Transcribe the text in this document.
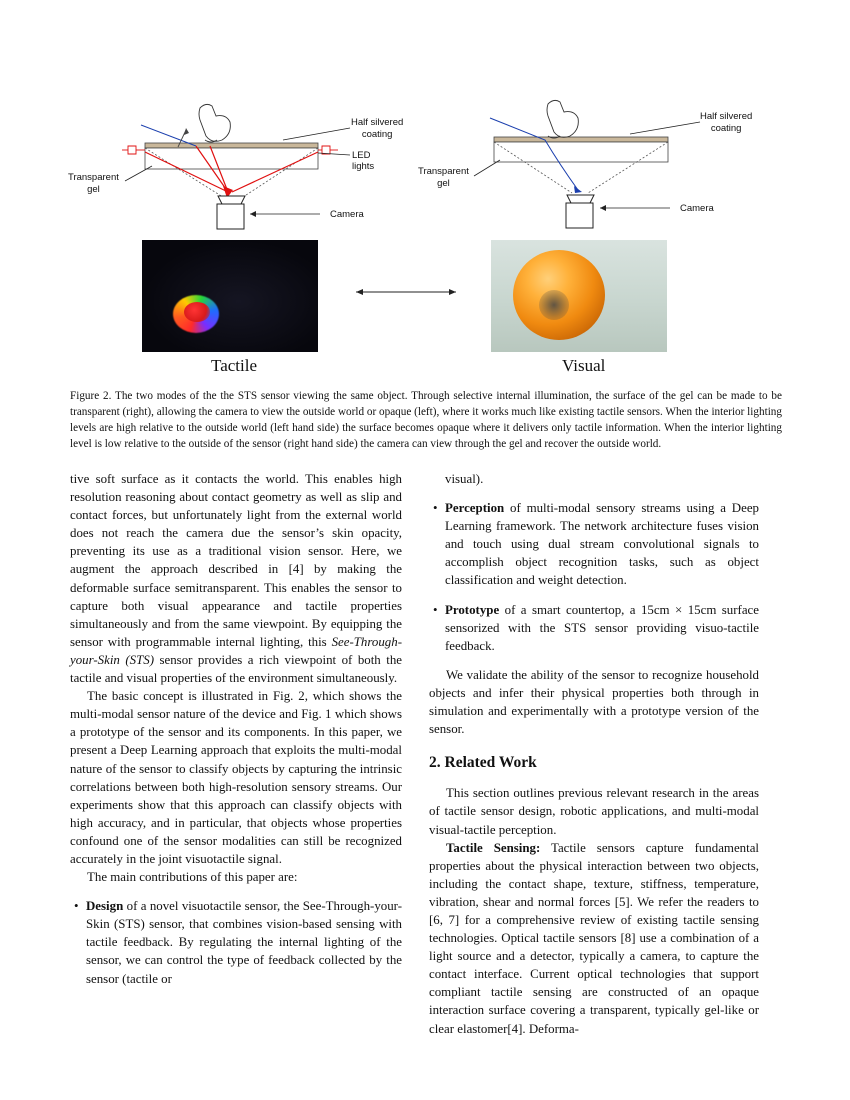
Half silvered
coating
LED
lights
Transparent
gel
Camera
Half silvered
coating
Transparent
gel
Camera
Tactile	Visual
Figure 2. The two modes of the the STS sensor viewing the same object. Through selective internal illumination, the surface of the gel can be made to be transparent (right), allowing the camera to view the outside world or opaque (left), where it works much like existing tactile sensors. When the interior lighting levels are high relative to the outside world (left hand side) the surface becomes opaque where it delivers only tactile information. When the interior lighting level is low relative to the outside of the sensor (right hand side) the camera can view through the gel and recover the outside world.

tive soft surface as it contacts the world. This enables high resolution reasoning about contact geometry as well as slip and contact forces, but unfortunately light from the external world does not reach the camera due the sensor’s skin opacity, preventing its use as a traditional vision sensor. Here, we augment the approach described in [4] by making the deformable surface semitransparent. This enables the sensor to capture both visual appearance and tactile properties simultaneously and from the same viewpoint. By equipping the sensor with programmable internal lighting, this See-Through-your-Skin (STS) sensor provides a rich viewpoint of both the tactile and visual properties of the environment simultaneously.

The basic concept is illustrated in Fig. 2, which shows the multi-modal sensor nature of the device and Fig. 1 which shows a prototype of the sensor and its components. In this paper, we present a Deep Learning approach that exploits the multi-modal nature of the sensor to classify objects by capturing the intrinsic correlations between both high-resolution sensory streams. Our experiments show that this approach can classify objects with high accuracy, and in particular, that objects whose properties confound one of the sensor modalities can still be recognized accurately in the joint visuotactile signal.

The main contributions of this paper are:

• Design of a novel visuotactile sensor, the See-Through-your-Skin (STS) sensor, that combines vision-based sensing with tactile feedback. By regulating the internal lighting of the sensor, we can control the type of feedback collected by the sensor (tactile or

visual).

• Perception of multi-modal sensory streams using a Deep Learning framework. The network architecture fuses vision and touch using dual stream convolutional signals to accomplish object recognition tasks, such as object classification and weight detection.
• Prototype of a smart countertop, a 15cm × 15cm surface sensorized with the STS sensor providing visuo-tactile feedback.

We validate the ability of the sensor to recognize household objects and infer their physical properties both through in simulation and experimentally with a prototype version of the sensor.

2. Related Work

This section outlines previous relevant research in the areas of tactile sensor design, robotic applications, and multi-modal visual-tactile perception.

Tactile Sensing: Tactile sensors capture fundamental properties about the physical interaction between two objects, including the contact shape, texture, stiffness, temperature, vibration, shear and normal forces [5]. We refer the readers to [6, 7] for a comprehensive review of existing tactile sensing technologies. Optical tactile sensors [8] use a combination of a light source and a detector, typically a camera, to capture the contact interface. Current optical technologies that support compliant tactile sensing are constructed of an opaque interaction surface covering a transparent, typically gel-like or clear elastomer[4]. Deforma-
